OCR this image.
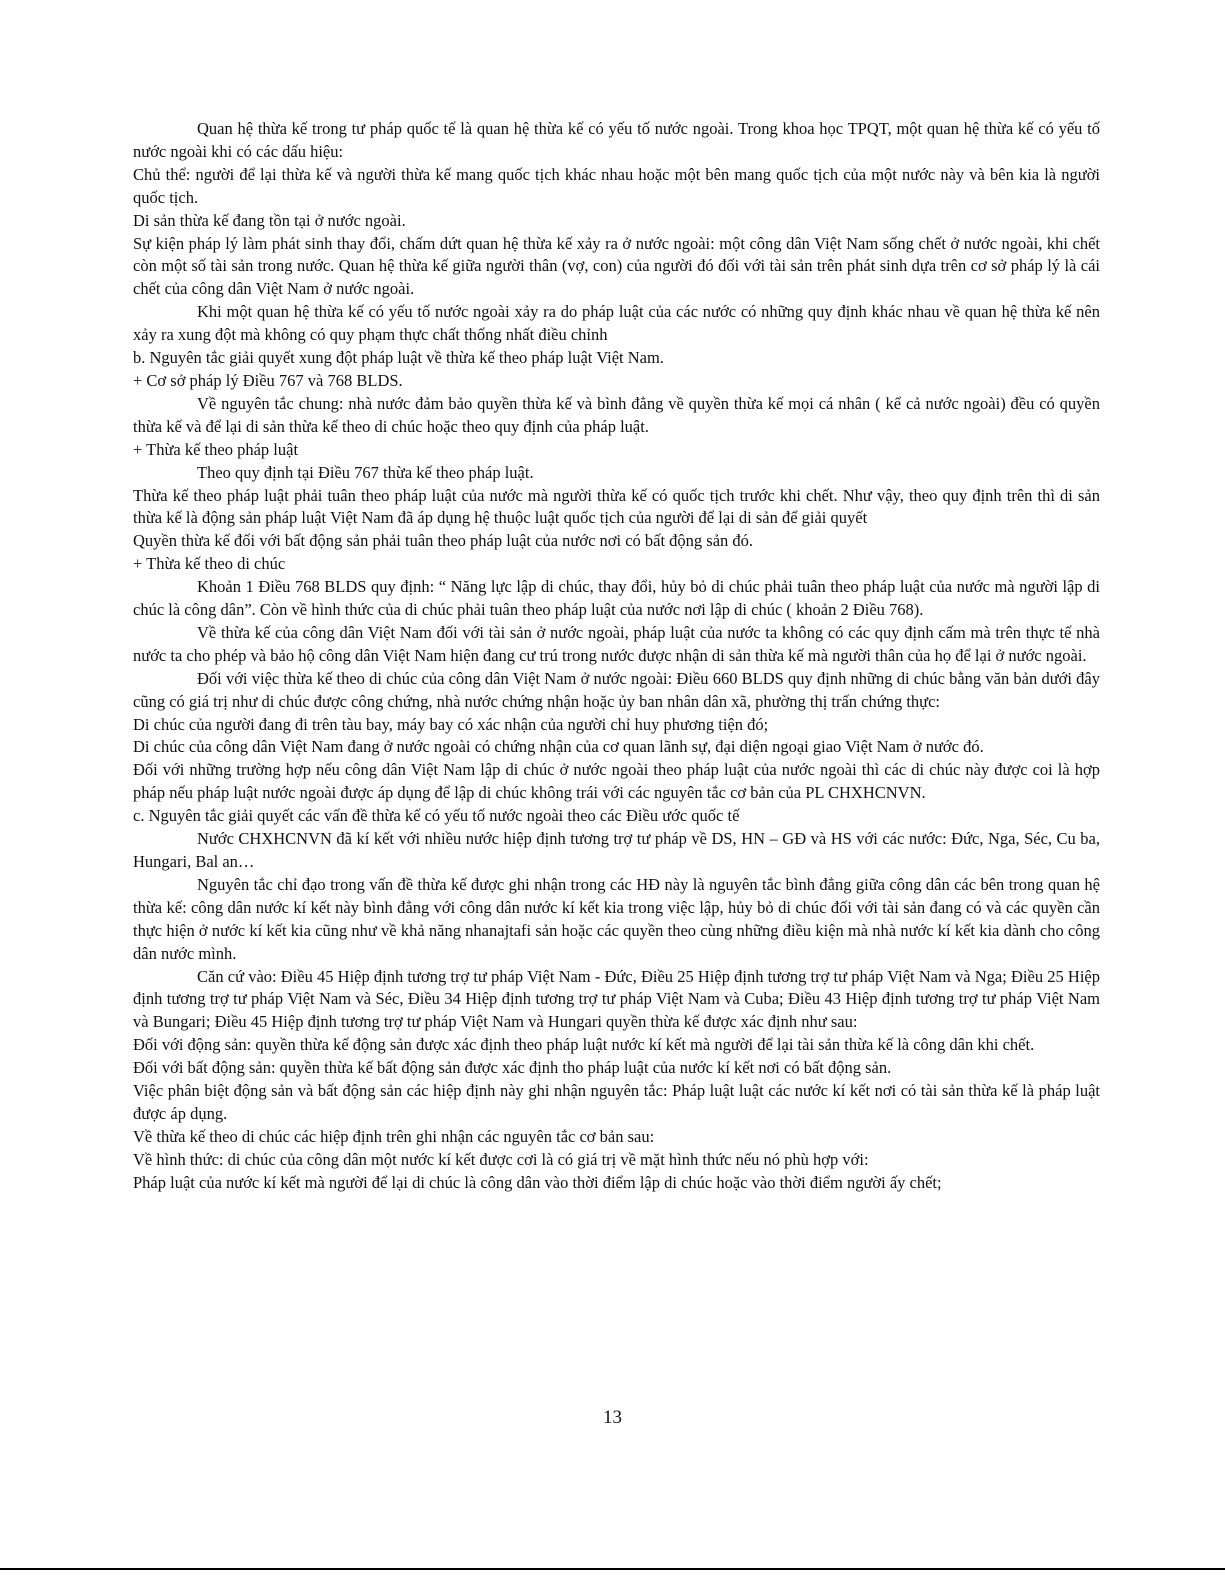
Quan hệ thừa kế trong tư pháp quốc tế là quan hệ thừa kế có yếu tố nước ngoài. Trong khoa học TPQT, một quan hệ thừa kế có yếu tố nước ngoài khi có các dấu hiệu:

Chủ thể: người để lại thừa kế và người thừa kế mang quốc tịch khác nhau hoặc một bên mang quốc tịch của một nước này và bên kia là người quốc tịch.

Di sản thừa kế đang tồn tại ở nước ngoài.

Sự kiện pháp lý làm phát sinh thay đổi, chấm dứt quan hệ thừa kế xảy ra ở nước ngoài: một công dân Việt Nam sống chết ở nước ngoài, khi chết còn một số tài sản trong nước. Quan hệ thừa kế giữa người thân (vợ, con) của người đó đối với tài sản trên phát sinh dựa trên cơ sở pháp lý là cái chết của công dân Việt Nam ở nước ngoài.

Khi một quan hệ thừa kế có yếu tố nước ngoài xảy ra do pháp luật của các nước có những quy định khác nhau về quan hệ thừa kế nên xảy ra xung đột mà không có quy phạm thực chất thống nhất điều chỉnh

b. Nguyên tắc giải quyết xung đột pháp luật về thừa kế theo pháp luật Việt Nam.

+ Cơ sở pháp lý Điều 767 và 768 BLDS.

Về nguyên tắc chung: nhà nước đảm bảo quyền thừa kế và bình đẳng về quyền thừa kế mọi cá nhân ( kể cả nước ngoài) đều có quyền thừa kế và để lại di sản thừa kế theo di chúc hoặc theo quy định của pháp luật.

+ Thừa kế theo pháp luật

Theo quy định tại Điều 767 thừa kế theo pháp luật.

Thừa kế theo pháp luật phải tuân theo pháp luật của nước mà người thừa kế có quốc tịch trước khi chết. Như vậy, theo quy định trên thì di sản thừa kế là động sản pháp luật Việt Nam đã áp dụng hệ thuộc luật quốc tịch của người để lại di sản để giải quyết

Quyền thừa kế đối với bất động sản phải tuân theo pháp luật của nước nơi có bất động sản đó.

+ Thừa kế theo di chúc

Khoản 1 Điều 768 BLDS quy định: “ Năng lực lập di chúc, thay đổi, hủy bỏ di chúc phải tuân theo pháp luật của nước mà người lập di chúc là công dân”. Còn về hình thức của di chúc phải tuân theo pháp luật của nước nơi lập di chúc ( khoản 2 Điều 768).

Về thừa kế của công dân Việt Nam đối với tài sản ở nước ngoài, pháp luật của nước ta không có các quy định cấm mà trên thực tế nhà nước ta cho phép và bảo hộ công dân Việt Nam hiện đang cư trú trong nước được nhận di sản thừa kế mà người thân của họ để lại ở nước ngoài.

Đối với việc thừa kế theo di chúc của công dân Việt Nam ở nước ngoài: Điều 660 BLDS quy định những di chúc bằng văn bản dưới đây cũng có giá trị như di chúc được công chứng, nhà nước chứng nhận hoặc ủy ban nhân dân xã, phường thị trấn chứng thực:

Di chúc của người đang đi trên tàu bay, máy bay có xác nhận của người chỉ huy phương tiện đó;

Di chúc của công dân Việt Nam đang ở nước ngoài có chứng nhận của cơ quan lãnh sự, đại diện ngoại giao Việt Nam ở nước đó.

Đối với những trường hợp nếu công dân Việt Nam lập di chúc ở nước ngoài theo pháp luật của nước ngoài thì các di chúc này được coi là hợp pháp nếu pháp luật nước ngoài được áp dụng để lập di chúc không trái với các nguyên tắc cơ bản của PL CHXHCNVN.

c. Nguyên tắc giải quyết các vấn đề thừa kế có yếu tố nước ngoài theo các Điều ước quốc tế

Nước CHXHCNVN đã kí kết với nhiều nước hiệp định tương trợ tư pháp về DS, HN – GĐ và HS với các nước: Đức, Nga, Séc, Cu ba, Hungari, Bal an…

Nguyên tắc chỉ đạo trong vấn đề thừa kế được ghi nhận trong các HĐ này là nguyên tắc bình đẳng giữa công dân các bên trong quan hệ thừa kế: công dân nước kí kết này bình đẳng với công dân nước kí kết kia trong việc lập, hủy bỏ di chúc đối với tài sản đang có và các quyền cần thực hiện ở nước kí kết kia cũng như về khả năng nhanajtafi sản hoặc các quyền theo cùng những điều kiện mà nhà nước kí kết kia dành cho công dân nước mình.

Căn cứ vào: Điều 45 Hiệp định tương trợ tư pháp Việt Nam - Đức, Điều 25 Hiệp định tương trợ tư pháp Việt Nam và Nga; Điều 25 Hiệp định tương trợ tư pháp Việt Nam và Séc, Điều 34 Hiệp định tương trợ tư pháp Việt Nam và Cuba; Điều 43 Hiệp định tương trợ tư pháp Việt Nam và Bungari; Điều 45 Hiệp định tương trợ tư pháp Việt Nam và Hungari quyền thừa kế được xác định như sau:

Đối với động sản: quyền thừa kế động sản được xác định theo pháp luật nước kí kết mà người để lại tài sản thừa kế là công dân khi chết.

Đối với bất động sản: quyền thừa kế bất động sản được xác định tho pháp luật của nước kí kết nơi có bất động sản.

Việc phân biệt động sản và bất động sản các hiệp định này ghi nhận nguyên tắc: Pháp luật luật các nước kí kết nơi có tài sản thừa kế là pháp luật được áp dụng.

Về thừa kế theo di chúc các hiệp định trên ghi nhận các nguyên tắc cơ bản sau:

Về hình thức: di chúc của công dân một nước kí kết được cơi là có giá trị về mặt hình thức nếu nó phù hợp với:

Pháp luật của nước kí kết mà người để lại di chúc là công dân vào thời điểm lập di chúc hoặc vào thời điểm người ấy chết;

13
